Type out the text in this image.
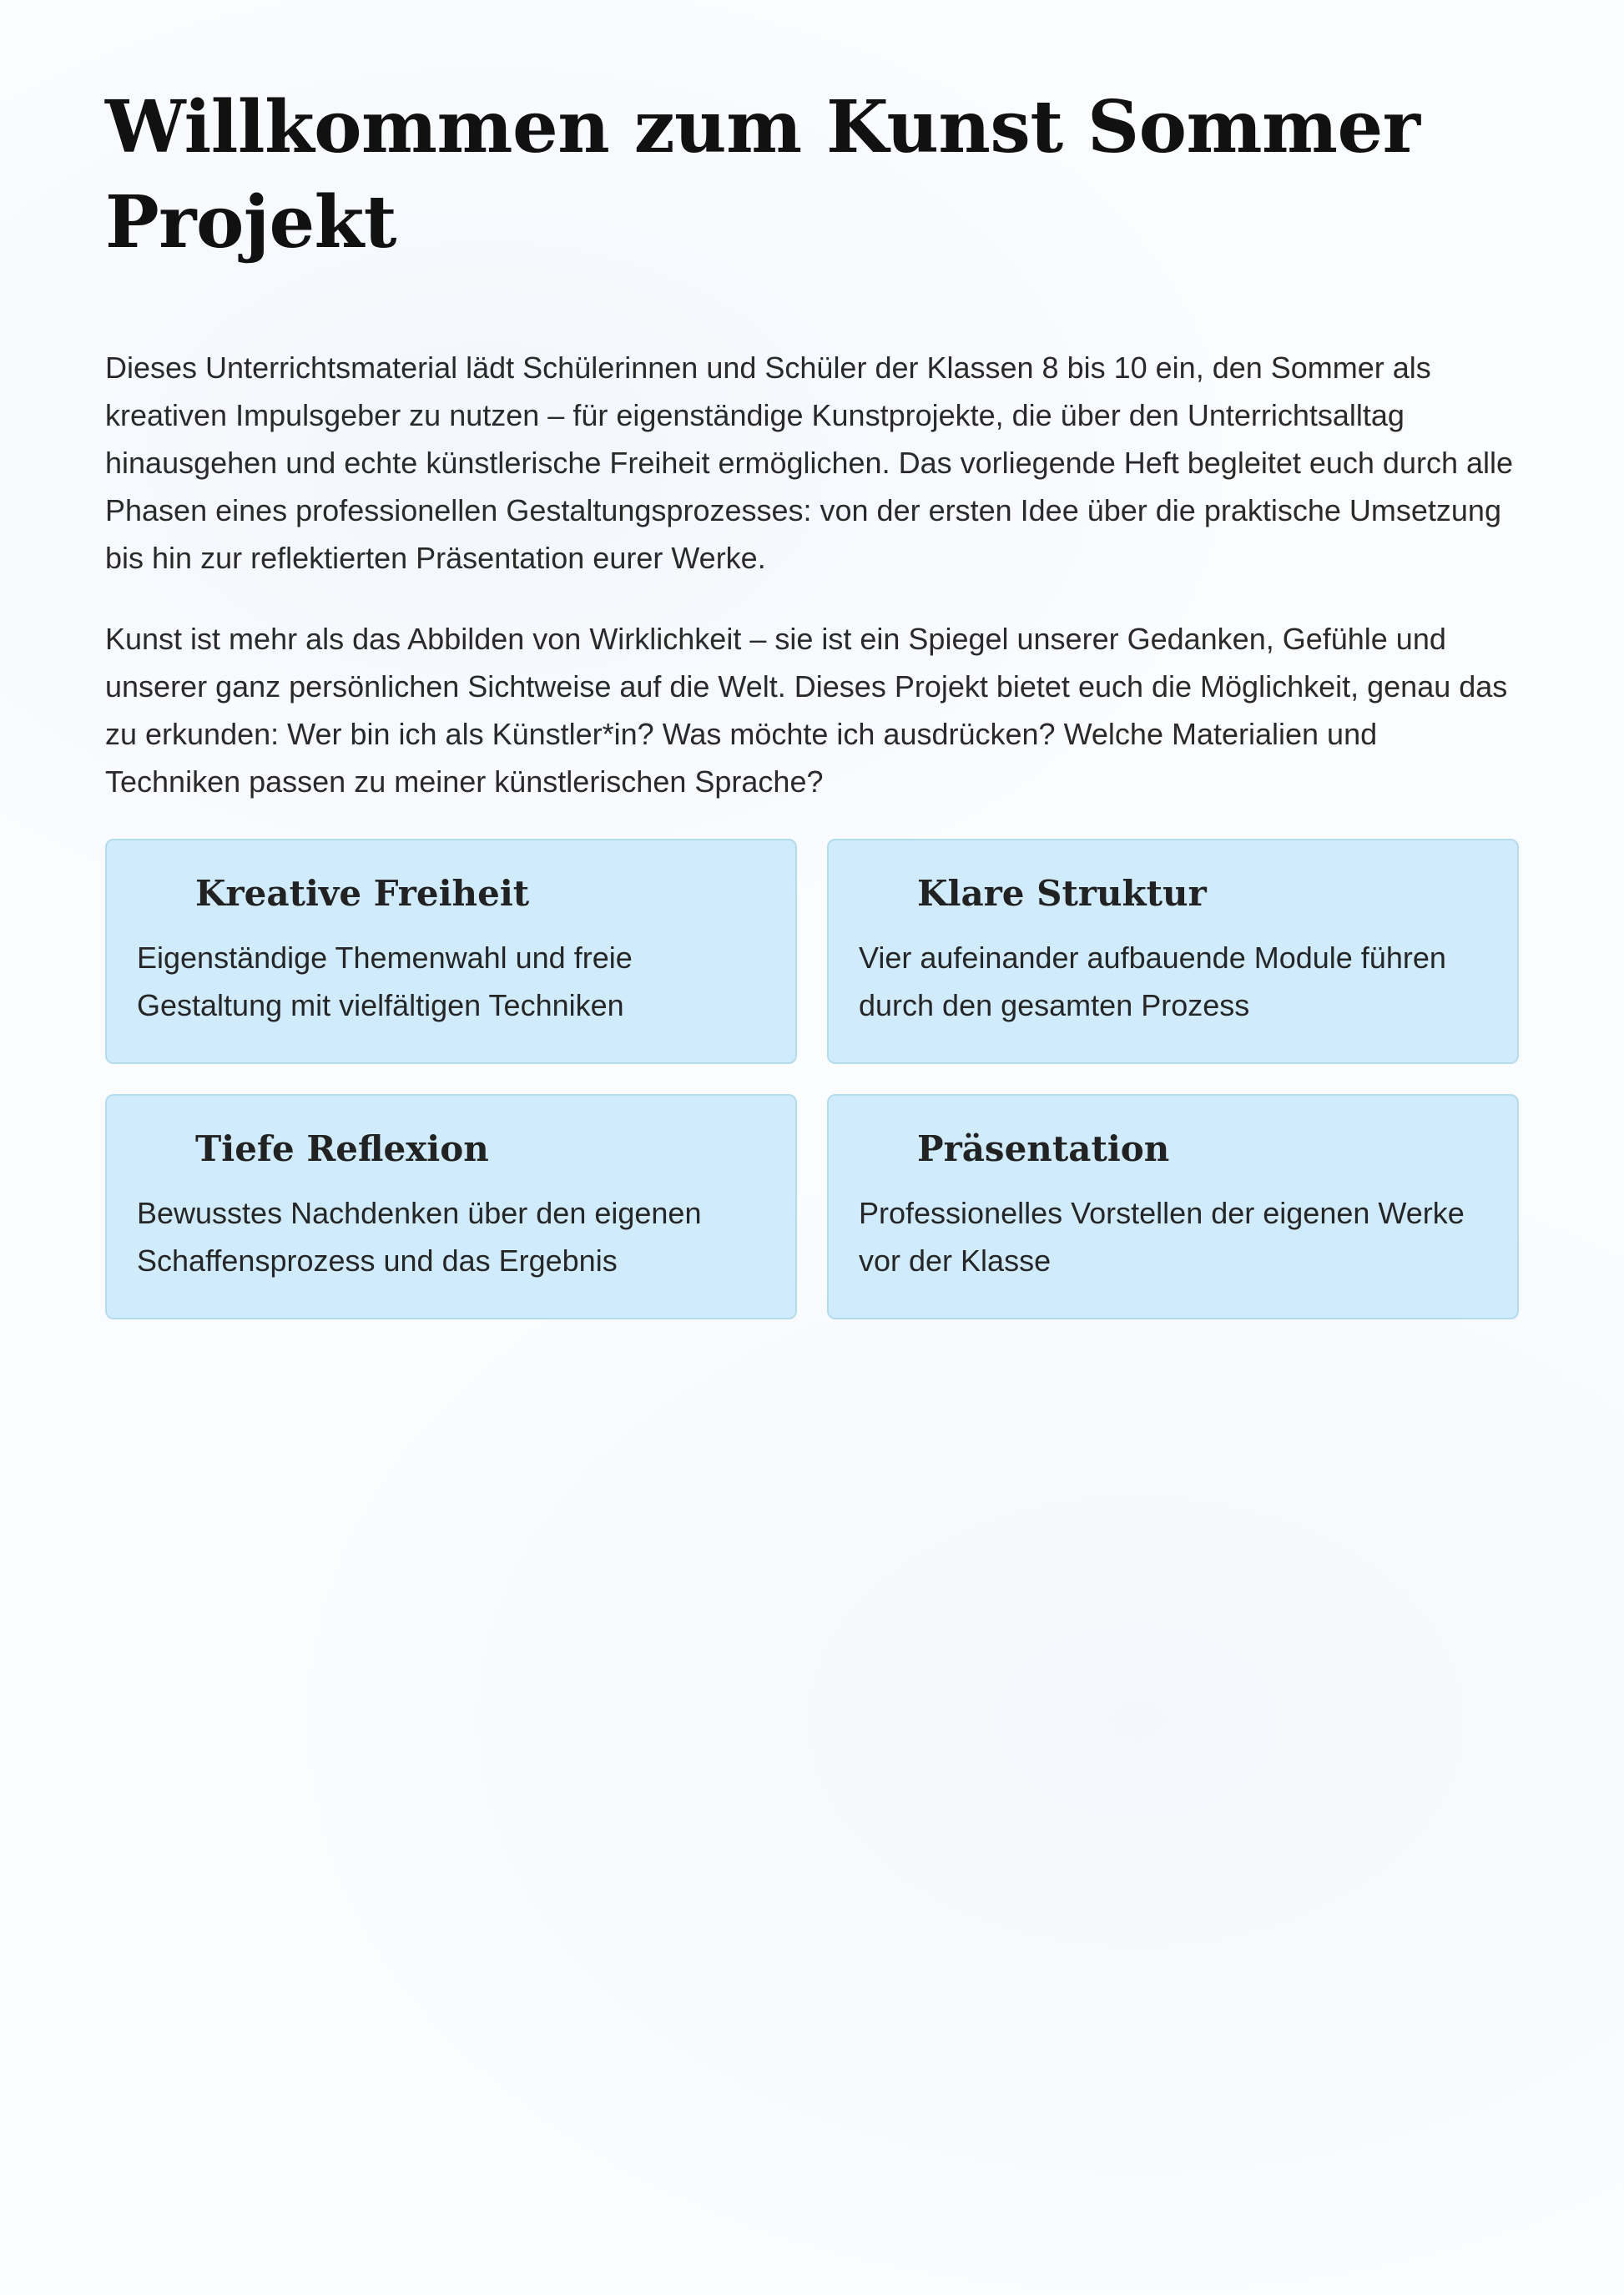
Willkommen zum Kunst Sommer Projekt

Dieses Unterrichtsmaterial lädt Schülerinnen und Schüler der Klassen 8 bis 10 ein, den Sommer als kreativen Impulsgeber zu nutzen – für eigenständige Kunstprojekte, die über den Unterrichtsalltag hinausgehen und echte künstlerische Freiheit ermöglichen. Das vorliegende Heft begleitet euch durch alle Phasen eines professionellen Gestaltungsprozesses: von der ersten Idee über die praktische Umsetzung bis hin zur reflektierten Präsentation eurer Werke.

Kunst ist mehr als das Abbilden von Wirklichkeit – sie ist ein Spiegel unserer Gedanken, Gefühle und unserer ganz persönlichen Sichtweise auf die Welt. Dieses Projekt bietet euch die Möglichkeit, genau das zu erkunden: Wer bin ich als Künstler*in? Was möchte ich ausdrücken? Welche Materialien und Techniken passen zu meiner künstlerischen Sprache?

Kreative Freiheit

Eigenständige Themenwahl und freie Gestaltung mit vielfältigen Techniken

Klare Struktur

Vier aufeinander aufbauende Module führen durch den gesamten Prozess

Tiefe Reflexion

Bewusstes Nachdenken über den eigenen Schaffensprozess und das Ergebnis

Präsentation

Professionelles Vorstellen der eigenen Werke vor der Klasse
